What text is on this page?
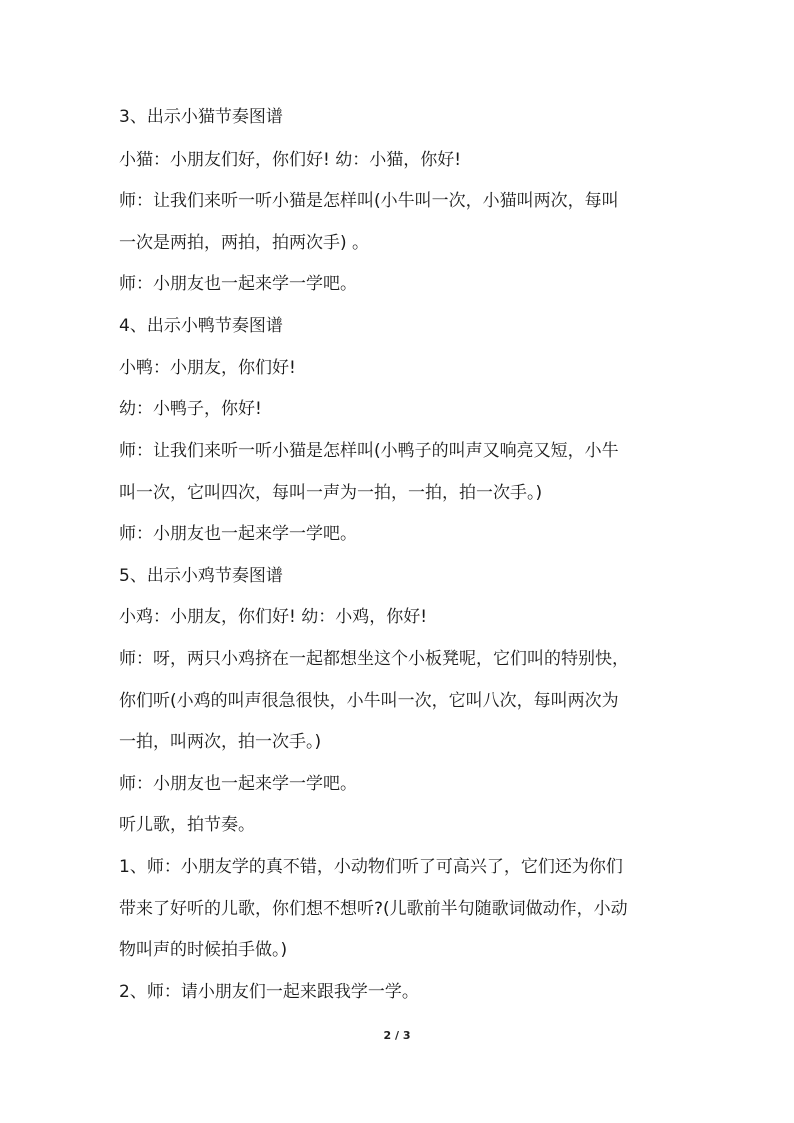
3、出示小猫节奏图谱
小猫：小朋友们好，你们好! 幼：小猫，你好!
师：让我们来听一听小猫是怎样叫(小牛叫一次，小猫叫两次，每叫
一次是两拍，两拍，拍两次手) 。
师：小朋友也一起来学一学吧。
4、出示小鸭节奏图谱
小鸭：小朋友，你们好!
幼：小鸭子，你好!
师：让我们来听一听小猫是怎样叫(小鸭子的叫声又响亮又短，小牛
叫一次，它叫四次，每叫一声为一拍，一拍，拍一次手。)
师：小朋友也一起来学一学吧。
5、出示小鸡节奏图谱
小鸡：小朋友，你们好! 幼：小鸡，你好!
师：呀，两只小鸡挤在一起都想坐这个小板凳呢，它们叫的特别快，
你们听(小鸡的叫声很急很快，小牛叫一次，它叫八次，每叫两次为
一拍，叫两次，拍一次手。)
师：小朋友也一起来学一学吧。
听儿歌，拍节奏。
1、师：小朋友学的真不错，小动物们听了可高兴了，它们还为你们
带来了好听的儿歌，你们想不想听?(儿歌前半句随歌词做动作，小动
物叫声的时候拍手做。)
2、师：请小朋友们一起来跟我学一学。
2 / 3
